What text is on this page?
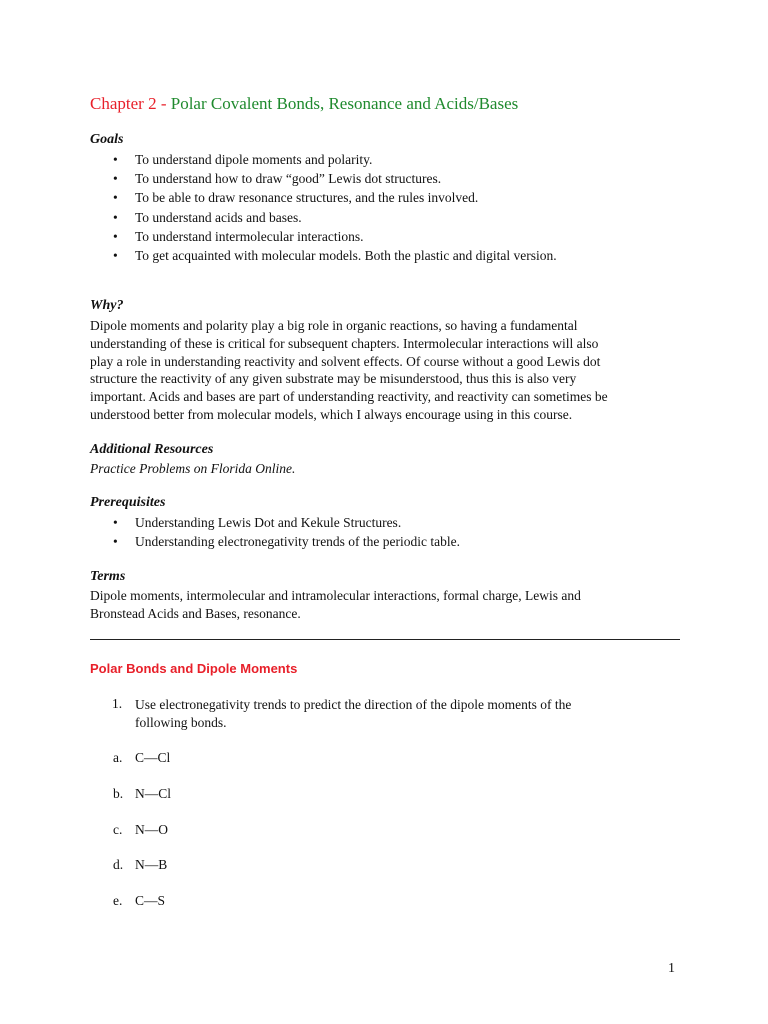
Chapter 2 - Polar Covalent Bonds, Resonance and Acids/Bases
Goals
• To understand dipole moments and polarity.
• To understand how to draw “good” Lewis dot structures.
• To be able to draw resonance structures, and the rules involved.
• To understand acids and bases.
• To understand intermolecular interactions.
• To get acquainted with molecular models. Both the plastic and digital version.
Why?

Dipole moments and polarity play a big role in organic reactions, so having a fundamental
understanding of these is critical for subsequent chapters. Intermolecular interactions will also
play a role in understanding reactivity and solvent effects. Of course without a good Lewis dot
structure the reactivity of any given substrate may be misunderstood, thus this is also very
important. Acids and bases are part of understanding reactivity, and reactivity can sometimes be
understood better from molecular models, which I always encourage using in this course.

Additional Resources

Practice Problems on Florida Online.

Prerequisites
• Understanding Lewis Dot and Kekule Structures.
• Understanding electronegativity trends of the periodic table.
Terms

Dipole moments, intermolecular and intramolecular interactions, formal charge, Lewis and
Bronstead Acids and Bases, resonance.

Polar Bonds and Dipole Moments
1. Use electronegativity trends to predict the direction of the dipole moments of the
following bonds.
a. C—Cl
b. N—Cl
c. N—O
d. N—B
e. C—S
1
